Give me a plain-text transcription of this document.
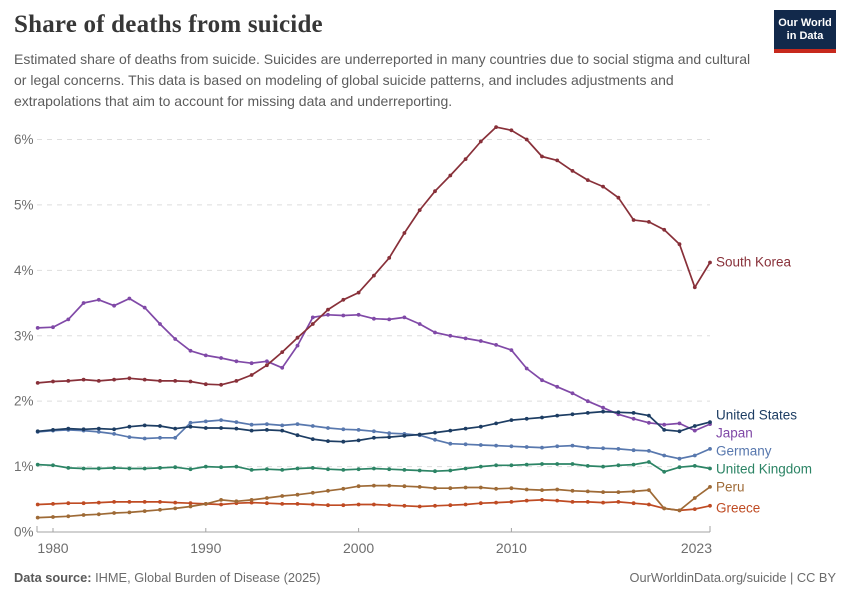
Share of deaths from suicide

Estimated share of deaths from suicide. Suicides are underreported in many countries due to social stigma and cultural or legal concerns. This data is based on modeling of global suicide patterns, and includes adjustments and extrapolations that aim to account for missing data and underreporting.

Our World
in Data
0%
1%
2%
3%
4%
5%
6%
1980	1990	2000	2010	2023
Greece
Peru
United Kingdom
Germany
Japan
United States
South Korea
Data source: IHME, Global Burden of Disease (2025)	OurWorldinData.org/suicide | CC BY
